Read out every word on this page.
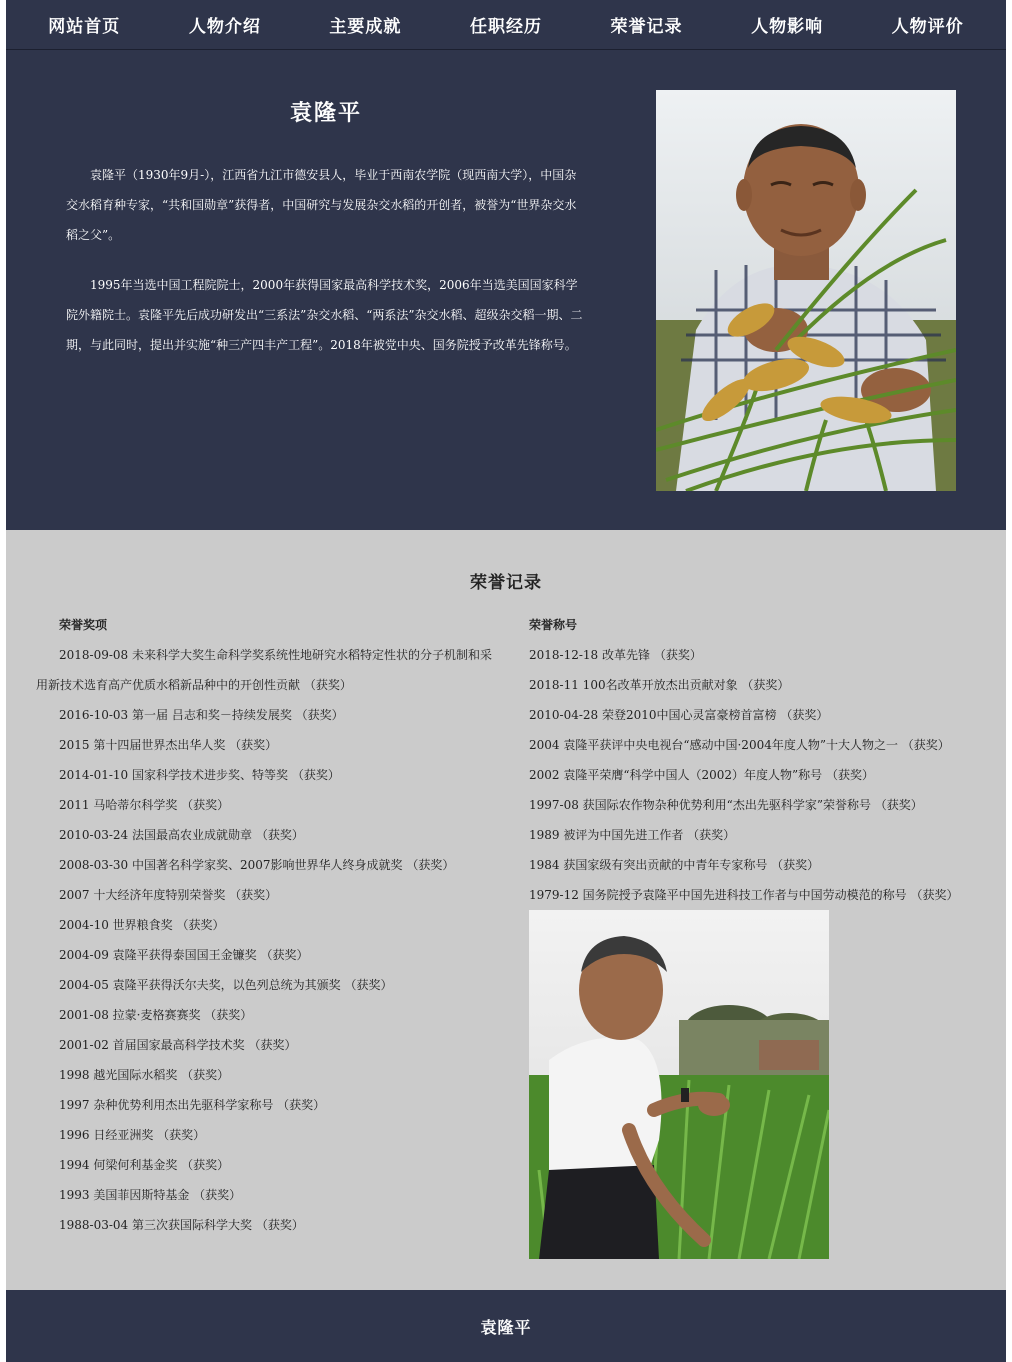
网站首页	人物介绍	主要成就	任职经历	荣誉记录	人物影响	人物评价
袁隆平

袁隆平（1930年9月-），江西省九江市德安县人，毕业于西南农学院（现西南大学），中国杂交水稻育种专家，“共和国勋章”获得者，中国研究与发展杂交水稻的开创者，被誉为“世界杂交水稻之父”。

1995年当选中国工程院院士，2000年获得国家最高科学技术奖，2006年当选美国国家科学院外籍院士。袁隆平先后成功研发出“三系法”杂交水稻、“两系法”杂交水稻、超级杂交稻一期、二期，与此同时，提出并实施“种三产四丰产工程”。2018年被党中央、国务院授予改革先锋称号。

荣誉记录
荣誉奖项
2018-09-08 未来科学大奖生命科学奖系统性地研究水稻特定性状的分子机制和采用新技术选育高产优质水稻新品种中的开创性贡献 （获奖）
2016-10-03 第一届 吕志和奖－持续发展奖 （获奖）
2015 第十四届世界杰出华人奖 （获奖）
2014-01-10 国家科学技术进步奖、特等奖 （获奖）
2011 马哈蒂尔科学奖 （获奖）
2010-03-24 法国最高农业成就勋章 （获奖）
2008-03-30 中国著名科学家奖、2007影响世界华人终身成就奖 （获奖）
2007 十大经济年度特别荣誉奖 （获奖）
2004-10 世界粮食奖 （获奖）
2004-09 袁隆平获得泰国国王金镰奖 （获奖）
2004-05 袁隆平获得沃尔夫奖，以色列总统为其颁奖 （获奖）
2001-08 拉蒙·麦格赛赛奖 （获奖）
2001-02 首届国家最高科学技术奖 （获奖）
1998 越光国际水稻奖 （获奖）
1997 杂种优势利用杰出先驱科学家称号 （获奖）
1996 日经亚洲奖 （获奖）
1994 何梁何利基金奖 （获奖）
1993 美国菲因斯特基金 （获奖）
1988-03-04 第三次获国际科学大奖 （获奖）
荣誉称号
2018-12-18 改革先锋 （获奖）
2018-11 100名改革开放杰出贡献对象 （获奖）
2010-04-28 荣登2010中国心灵富豪榜首富榜 （获奖）
2004 袁隆平获评中央电视台“感动中国·2004年度人物”十大人物之一 （获奖）
2002 袁隆平荣膺“科学中国人（2002）年度人物”称号 （获奖）
1997-08 获国际农作物杂种优势利用“杰出先驱科学家”荣誉称号 （获奖）
1989 被评为中国先进工作者 （获奖）
1984 获国家级有突出贡献的中青年专家称号 （获奖）
1979-12 国务院授予袁隆平中国先进科技工作者与中国劳动模范的称号 （获奖）
袁隆平
